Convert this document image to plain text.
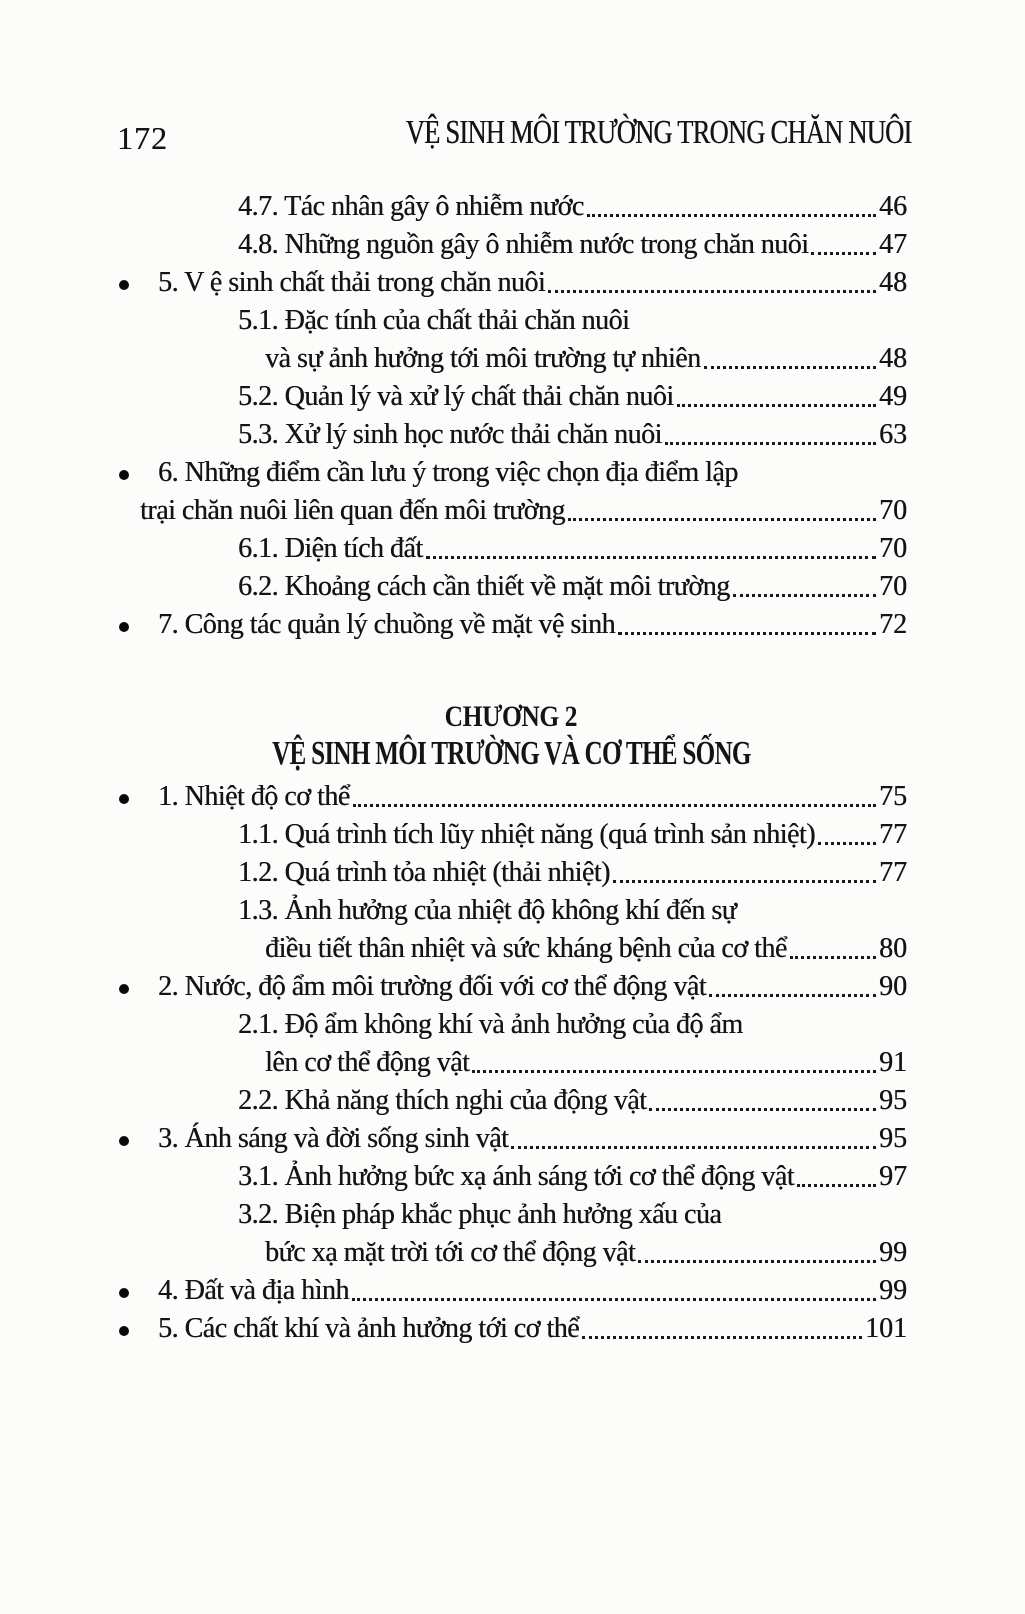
172	VỆ SINH MÔI TRƯỜNG TRONG CHĂN NUÔI
4.7. Tác nhân gây ô nhiễm nước	46
4.8. Những nguồn gây ô nhiễm nước trong chăn nuôi	47
5. V ệ sinh chất thải trong chăn nuôi	48
5.1. Đặc tính của chất thải chăn nuôi
và sự ảnh hưởng tới môi trường tự nhiên	48
5.2. Quản lý và xử lý chất thải chăn nuôi	49
5.3. Xử lý sinh học nước thải chăn nuôi	63
6. Những điểm cần lưu ý trong việc chọn địa điểm lập
trại chăn nuôi liên quan đến môi trường	70
6.1. Diện tích đất	70
6.2. Khoảng cách cần thiết về mặt môi trường	70
7. Công tác quản lý chuồng về mặt vệ sinh	72
CHƯƠNG 2
VỆ SINH MÔI TRƯỜNG VÀ CƠ THỂ SỐNG
1. Nhiệt độ cơ thể	75
1.1. Quá trình tích lũy nhiệt năng (quá trình sản nhiệt) 77
1.2. Quá trình tỏa nhiệt (thải nhiệt)	77
1.3. Ảnh hưởng của nhiệt độ không khí đến sự
điều tiết thân nhiệt và sức kháng bệnh của cơ thể	80
2. Nước, độ ẩm môi trường đối với cơ thể động vật	90
2.1. Độ ẩm không khí và ảnh hưởng của độ ẩm
lên cơ thể động vật	91
2.2. Khả năng thích nghi của động vật	95
3. Ánh sáng và đời sống sinh vật	95
3.1. Ảnh hưởng bức xạ ánh sáng tới cơ thể động vật	97
3.2. Biện pháp khắc phục ảnh hưởng xấu của
bức xạ mặt trời tới cơ thể động vật	99
4. Đất và địa hình	99
5. Các chất khí và ảnh hưởng tới cơ thể	101
